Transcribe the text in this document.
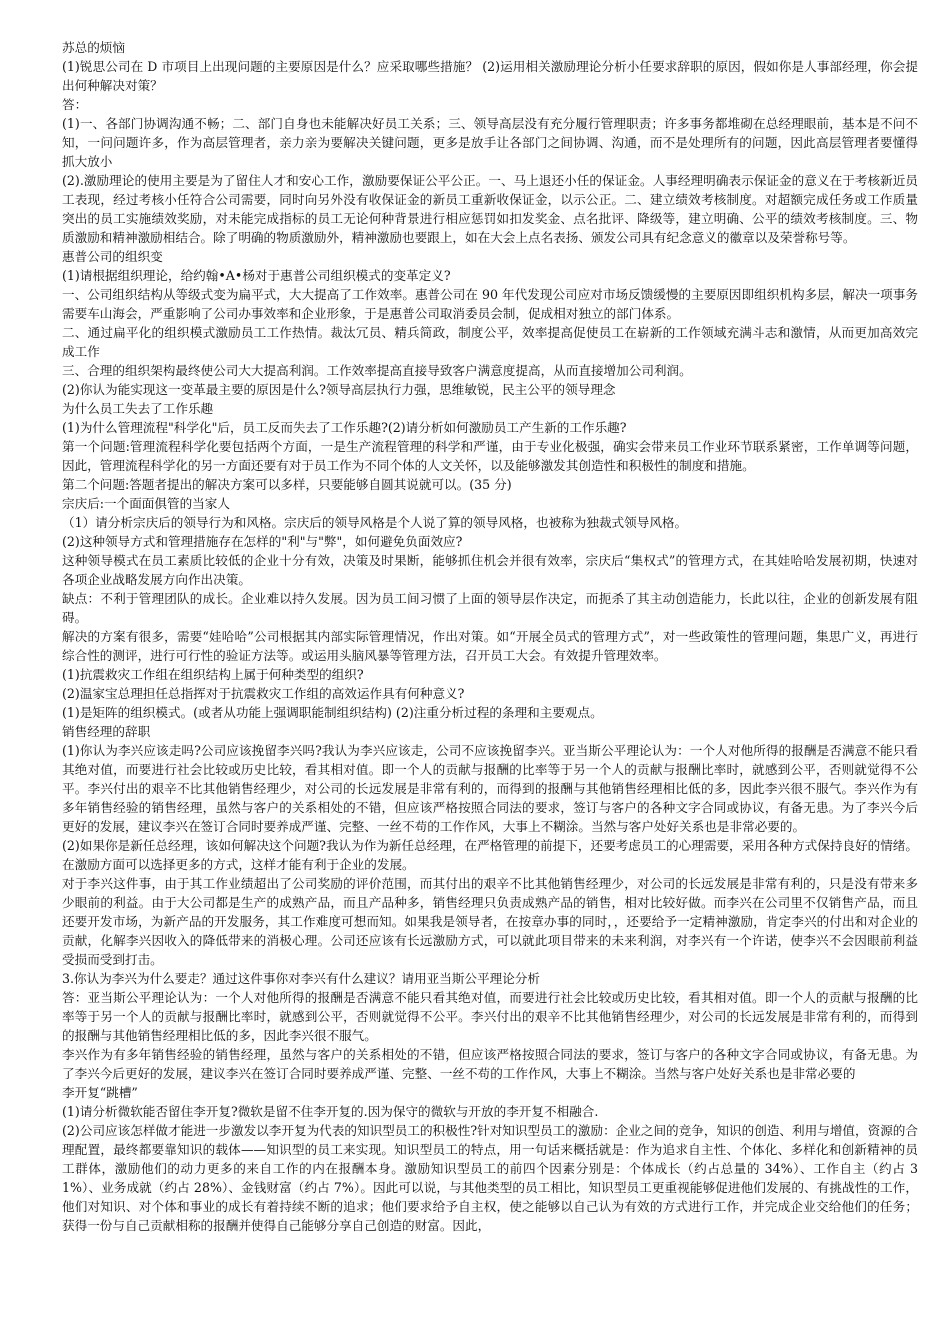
苏总的烦恼

(1)锐思公司在 D 市项目上出现问题的主要原因是什么？应采取哪些措施？ (2)运用相关激励理论分析小任要求辞职的原因，假如你是人事部经理，你会提出何种解决对策？

答：

(1)一、各部门协调沟通不畅；二、部门自身也未能解决好员工关系；三、领导高层没有充分履行管理职责；许多事务都堆砌在总经理眼前，基本是不问不知，一问问题许多，作为高层管理者，亲力亲为要解决关键问题，更多是放手让各部门之间协调、沟通，而不是处理所有的问题，因此高层管理者要懂得抓大放小

(2).激励理论的使用主要是为了留住人才和安心工作，激励要保证公平公正。一、马上退还小任的保证金。人事经理明确表示保证金的意义在于考核新近员工表现，经过考核小任符合公司需要，同时向另外没有收保证金的新员工重新收保证金，以示公正。二、建立绩效考核制度。对超额完成任务或工作质量突出的员工实施绩效奖励，对未能完成指标的员工无论何种背景进行相应惩罚如扣发奖金、点名批评、降级等，建立明确、公平的绩效考核制度。三、物质激励和精神激励相结合。除了明确的物质激励外，精神激励也要跟上，如在大会上点名表扬、颁发公司具有纪念意义的徽章以及荣誉称号等。

惠普公司的组织变

(1)请根据组织理论，给约翰•A•杨对于惠普公司组织模式的变革定义?

一、公司组织结构从等级式变为扁平式，大大提高了工作效率。惠普公司在 90 年代发现公司应对市场反馈缓慢的主要原因即组织机构多层，解决一项事务需要车山海会，严重影响了公司办事效率和企业形象，于是惠普公司取消委员会制，促成相对独立的部门体系。

二、通过扁平化的组织模式激励员工工作热情。裁汰冗员、精兵简政，制度公平，效率提高促使员工在崭新的工作领域充满斗志和激情，从而更加高效完成工作

三、合理的组织架构最终使公司大大提高利润。工作效率提高直接导致客户满意度提高，从而直接增加公司利润。

(2)你认为能实现这一变革最主要的原因是什么?领导高层执行力强，思维敏锐，民主公平的领导理念

为什么员工失去了工作乐趣

(1)为什么管理流程"科学化"后，员工反而失去了工作乐趣?(2)请分析如何激励员工产生新的工作乐趣?

第一个问题:管理流程科学化要包括两个方面，一是生产流程管理的科学和严谨，由于专业化极强，确实会带来员工作业环节联系紧密，工作单调等问题，因此，管理流程科学化的另一方面还要有对于员工作为不同个体的人文关怀，以及能够激发其创造性和积极性的制度和措施。

第二个问题:答题者提出的解决方案可以多样，只要能够自圆其说就可以。(35 分)

宗庆后:一个面面俱管的当家人

（1）请分析宗庆后的领导行为和风格。宗庆后的领导风格是个人说了算的领导风格，也被称为独裁式领导风格。

(2)这种领导方式和管理措施存在怎样的"利"与"弊"，如何避免负面效应?

这种领导模式在员工素质比较低的企业十分有效，决策及时果断，能够抓住机会并很有效率，宗庆后“集权式”的管理方式，在其娃哈哈发展初期，快速对各项企业战略发展方向作出决策。

缺点：不利于管理团队的成长。企业难以持久发展。因为员工间习惯了上面的领导层作决定，而扼杀了其主动创造能力，长此以往，企业的创新发展有阻碍。

解决的方案有很多，需要“娃哈哈”公司根据其内部实际管理情况，作出对策。如“开展全员式的管理方式”，对一些政策性的管理问题，集思广义，再进行综合性的测评，进行可行性的验证方法等。或运用头脑风暴等管理方法，召开员工大会。有效提升管理效率。

(1)抗震救灾工作组在组织结构上属于何种类型的组织?

(2)温家宝总理担任总指挥对于抗震救灾工作组的高效运作具有何种意义?

(1)是矩阵的组织模式。(或者从功能上强调职能制组织结构) (2)注重分析过程的条理和主要观点。

销售经理的辞职

(1)你认为李兴应该走吗?公司应该挽留李兴吗?我认为李兴应该走，公司不应该挽留李兴。亚当斯公平理论认为：一个人对他所得的报酬是否满意不能只看其绝对值，而要进行社会比较或历史比较，看其相对值。即一个人的贡献与报酬的比率等于另一个人的贡献与报酬比率时，就感到公平，否则就觉得不公平。李兴付出的艰辛不比其他销售经理少，对公司的长远发展是非常有利的，而得到的报酬与其他销售经理相比低的多，因此李兴很不服气。李兴作为有多年销售经验的销售经理，虽然与客户的关系相处的不错，但应该严格按照合同法的要求，签订与客户的各种文字合同或协议，有备无患。为了李兴今后更好的发展，建议李兴在签订合同时要养成严谨、完整、一丝不苟的工作作风，大事上不糊涂。当然与客户处好关系也是非常必要的。

(2)如果你是新任总经理，该如何解决这个问题?我认为作为新任总经理，在严格管理的前提下，还要考虑员工的心理需要，采用各种方式保持良好的情绪。在激励方面可以选择更多的方式，这样才能有利于企业的发展。

对于李兴这件事，由于其工作业绩超出了公司奖励的评价范围，而其付出的艰辛不比其他销售经理少，对公司的长远发展是非常有利的，只是没有带来多少眼前的利益。由于大公司都是生产的成熟产品，而且产品种多，销售经理只负责成熟产品的销售，相对比较好做。而李兴在公司里不仅销售产品，而且还要开发市场，为新产品的开发服务，其工作难度可想而知。如果我是领导者，在按章办事的同时，，还要给予一定精神激励，肯定李兴的付出和对企业的贡献，化解李兴因收入的降低带来的消极心理。公司还应该有长远激励方式，可以就此项目带来的未来利润，对李兴有一个许诺，使李兴不会因眼前利益受损而受到打击。

3.你认为李兴为什么要走？通过这件事你对李兴有什么建议？请用亚当斯公平理论分析

答：亚当斯公平理论认为：一个人对他所得的报酬是否满意不能只看其绝对值，而要进行社会比较或历史比较，看其相对值。即一个人的贡献与报酬的比率等于另一个人的贡献与报酬比率时，就感到公平，否则就觉得不公平。李兴付出的艰辛不比其他销售经理少，对公司的长远发展是非常有利的，而得到的报酬与其他销售经理相比低的多，因此李兴很不服气。

李兴作为有多年销售经验的销售经理，虽然与客户的关系相处的不错，但应该严格按照合同法的要求，签订与客户的各种文字合同或协议，有备无患。为了李兴今后更好的发展，建议李兴在签订合同时要养成严谨、完整、一丝不苟的工作作风，大事上不糊涂。当然与客户处好关系也是非常必要的

李开复“跳槽”

(1)请分析微软能否留住李开复?微软是留不住李开复的.因为保守的微软与开放的李开复不相融合.

(2)公司应该怎样做才能进一步激发以李开复为代表的知识型员工的积极性?针对知识型员工的激励：企业之间的竞争，知识的创造、利用与增值，资源的合理配置，最终都要靠知识的载体——知识型的员工来实现。知识型员工的特点，用一句话来概括就是：作为追求自主性、个体化、多样化和创新精神的员工群体，激励他们的动力更多的来自工作的内在报酬本身。激励知识型员工的前四个因素分别是：个体成长（约占总量的 34%）、工作自主（约占 31%）、业务成就（约占 28%）、金钱财富（约占 7%）。因此可以说，与其他类型的员工相比，知识型员工更重视能够促进他们发展的、有挑战性的工作，他们对知识、对个体和事业的成长有着持续不断的追求；他们要求给予自主权，使之能够以自己认为有效的方式进行工作，并完成企业交给他们的任务；获得一份与自己贡献相称的报酬并使得自己能够分享自己创造的财富。因此，
